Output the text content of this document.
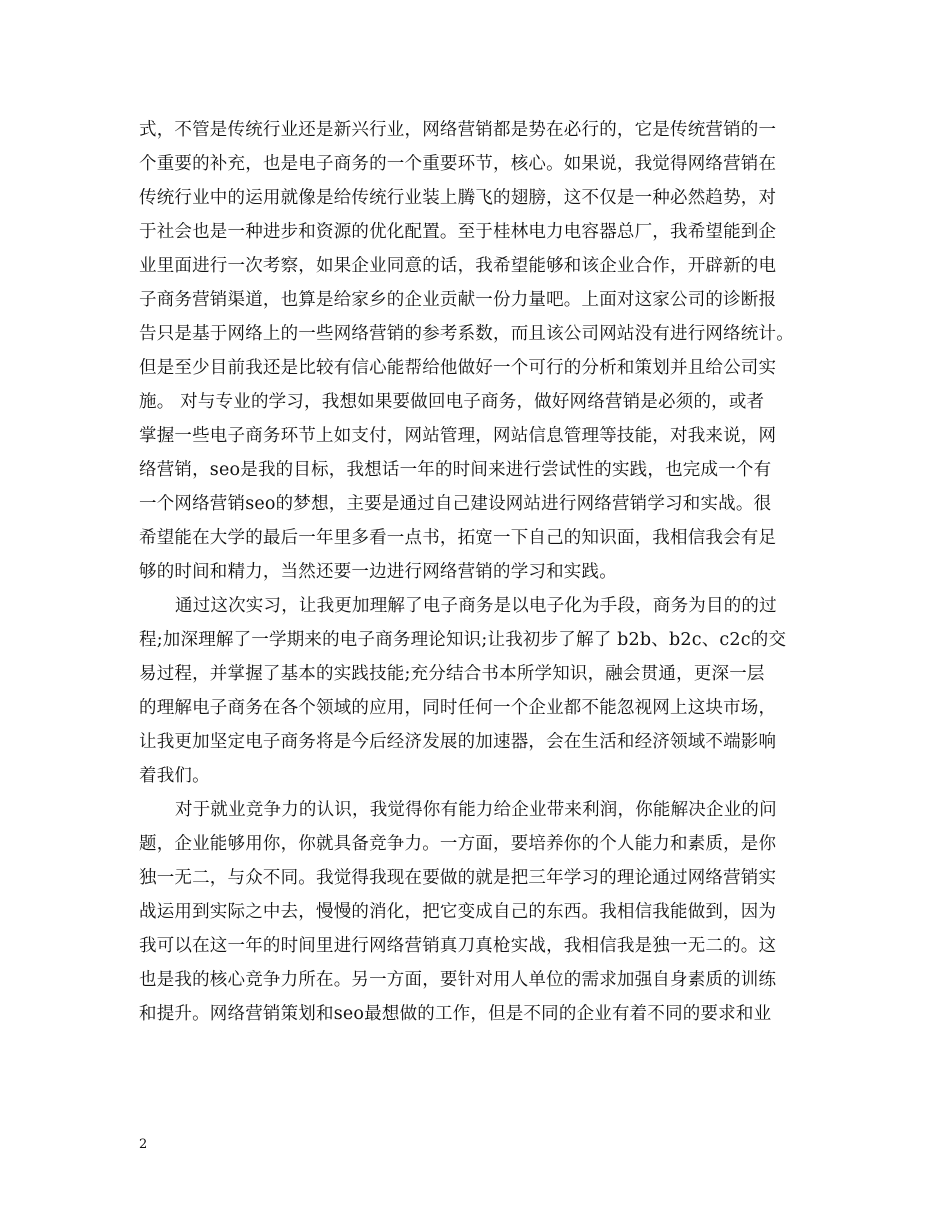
式，不管是传统行业还是新兴行业，网络营销都是势在必行的，它是传统营销的一
个重要的补充，也是电子商务的一个重要环节，核心。如果说，我觉得网络营销在
传统行业中的运用就像是给传统行业装上腾飞的翅膀，这不仅是一种必然趋势，对
于社会也是一种进步和资源的优化配置。至于桂林电力电容器总厂，我希望能到企
业里面进行一次考察，如果企业同意的话，我希望能够和该企业合作，开辟新的电
子商务营销渠道，也算是给家乡的企业贡献一份力量吧。上面对这家公司的诊断报
告只是基于网络上的一些网络营销的参考系数，而且该公司网站没有进行网络统计。
但是至少目前我还是比较有信心能帮给他做好一个可行的分析和策划并且给公司实
施。 对与专业的学习，我想如果要做回电子商务，做好网络营销是必须的，或者
掌握一些电子商务环节上如支付，网站管理，网站信息管理等技能，对我来说，网
络营销，seo是我的目标，我想话一年的时间来进行尝试性的实践，也完成一个有
一个网络营销seo的梦想，主要是通过自己建设网站进行网络营销学习和实战。很
希望能在大学的最后一年里多看一点书，拓宽一下自己的知识面，我相信我会有足
够的时间和精力，当然还要一边进行网络营销的学习和实践。
通过这次实习，让我更加理解了电子商务是以电子化为手段，商务为目的的过
程;加深理解了一学期来的电子商务理论知识;让我初步了解了 b2b、b2c、c2c的交
易过程，并掌握了基本的实践技能;充分结合书本所学知识，融会贯通，更深一层
的理解电子商务在各个领域的应用，同时任何一个企业都不能忽视网上这块市场，
让我更加坚定电子商务将是今后经济发展的加速器，会在生活和经济领域不端影响
着我们。
对于就业竞争力的认识，我觉得你有能力给企业带来利润，你能解决企业的问
题，企业能够用你，你就具备竞争力。一方面，要培养你的个人能力和素质，是你
独一无二，与众不同。我觉得我现在要做的就是把三年学习的理论通过网络营销实
战运用到实际之中去，慢慢的消化，把它变成自己的东西。我相信我能做到，因为
我可以在这一年的时间里进行网络营销真刀真枪实战，我相信我是独一无二的。这
也是我的核心竞争力所在。另一方面，要针对用人单位的需求加强自身素质的训练
和提升。网络营销策划和seo最想做的工作，但是不同的企业有着不同的要求和业
2
